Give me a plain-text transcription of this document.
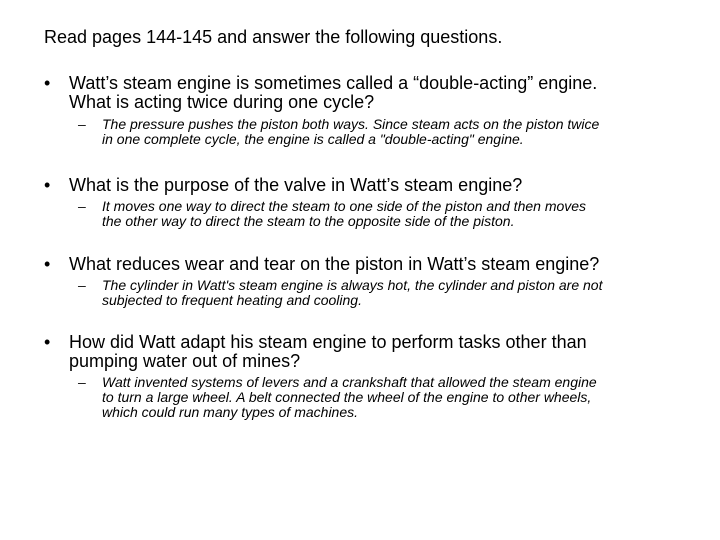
Read pages 144-145 and answer the following questions.
• Watt’s steam engine is sometimes called a “double-acting” engine.
What is acting twice during one cycle?
– The pressure pushes the piston both ways. Since steam acts on the piston twice
in one complete cycle, the engine is called a "double-acting" engine.
• What is the purpose of the valve in Watt’s steam engine?
– It moves one way to direct the steam to one side of the piston and then moves
the other way to direct the steam to the opposite side of the piston.
• What reduces wear and tear on the piston in Watt’s steam engine?
– The cylinder in Watt's steam engine is always hot, the cylinder and piston are not
subjected to frequent heating and cooling.
• How did Watt adapt his steam engine to perform tasks other than
pumping water out of mines?
– Watt invented systems of levers and a crankshaft that allowed the steam engine
to turn a large wheel. A belt connected the wheel of the engine to other wheels,
which could run many types of machines.
